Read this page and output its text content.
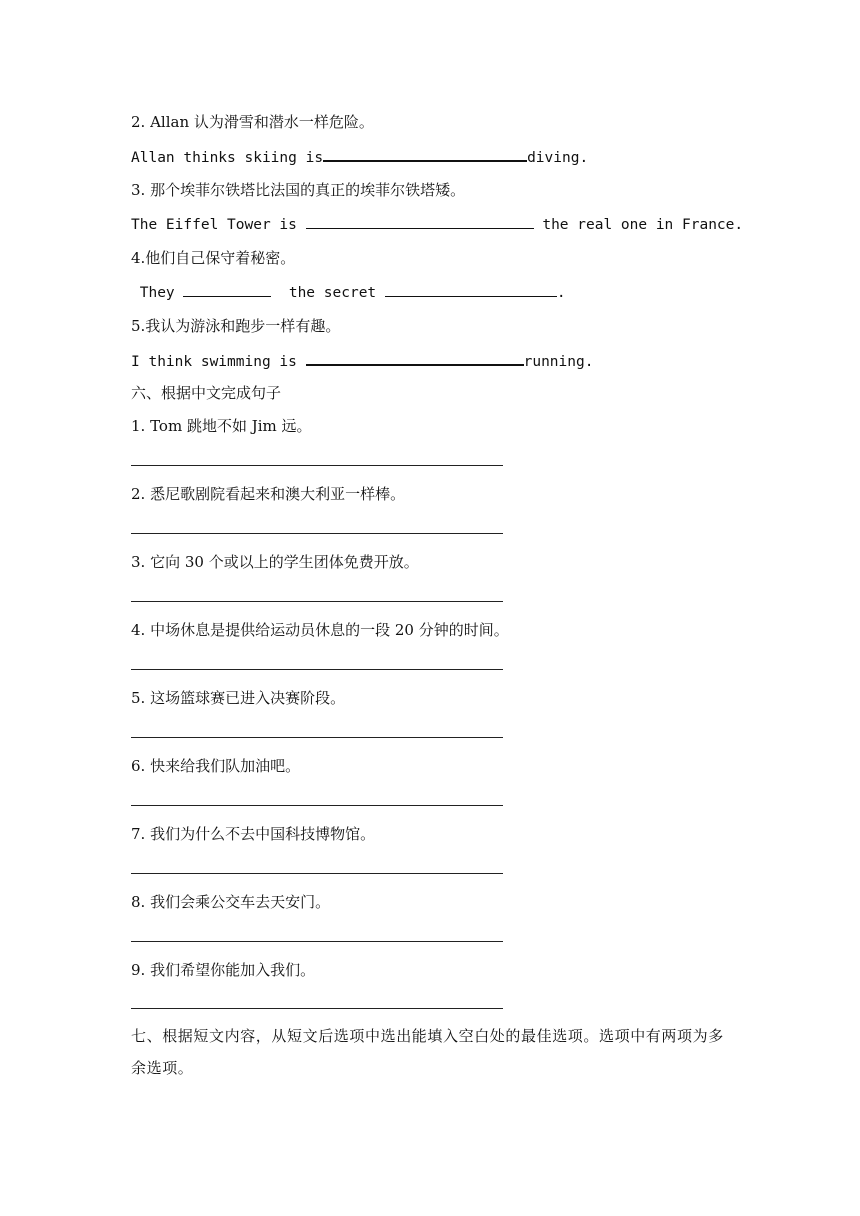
2. Allan 认为滑雪和潜水一样危险。
Allan thinks skiing is	diving.
3. 那个埃菲尔铁塔比法国的真正的埃菲尔铁塔矮。
The Eiffel Tower is	the real one in France.
4.他们自己保守着秘密。
They	the secret	.
5.我认为游泳和跑步一样有趣。
I think swimming is	running.
六、根据中文完成句子
1. Tom 跳地不如 Jim 远。
2. 悉尼歌剧院看起来和澳大利亚一样棒。
3. 它向 30 个或以上的学生团体免费开放。
4. 中场休息是提供给运动员休息的一段 20 分钟的时间。
5. 这场篮球赛已进入决赛阶段。
6. 快来给我们队加油吧。
7. 我们为什么不去中国科技博物馆。
8. 我们会乘公交车去天安门。
9. 我们希望你能加入我们。
七、根据短文内容，从短文后选项中选出能填入空白处的最佳选项。选项中有两项为多余选项。
